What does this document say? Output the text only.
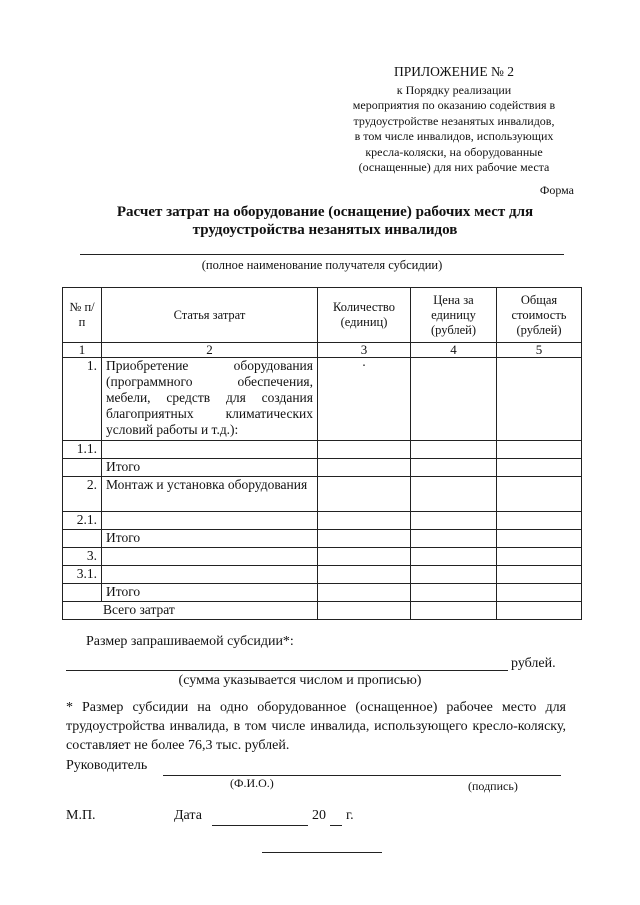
ПРИЛОЖЕНИЕ № 2
к Порядку реализации
мероприятия по оказанию содействия в
трудоустройстве незанятых инвалидов,
в том числе инвалидов, использующих
кресла-коляски, на оборудованные
(оснащенные) для них рабочие места
Форма
Расчет затрат на оборудование (оснащение) рабочих мест для
трудоустройства незанятых инвалидов
(полное наименование получателя субсидии)
№ п/п	Статья затрат	Количество (единиц)	Цена за единицу (рублей)	Общая стоимость (рублей)
1	2	3	4	5
1.	Приобретение оборудования (программного обеспечения, мебели, средств для создания благоприятных климатических условий работы и т.д.):	·		
1.1.				
	Итого			
2.	Монтаж и установка оборудования			
2.1.				
	Итого			
3.				
3.1.				
	Итого			
Всего затрат				
Размер запрашиваемой субсидии*:
рублей.
(сумма указывается числом и прописью)
* Размер субсидии на одно оборудованное (оснащенное) рабочее место для трудоустройства инвалида, в том числе инвалида, использующего кресло-коляску, составляет не более 76,3 тыс. рублей.
Руководитель
(Ф.И.О.)	(подпись)
М.П.	Дата	20 г.
